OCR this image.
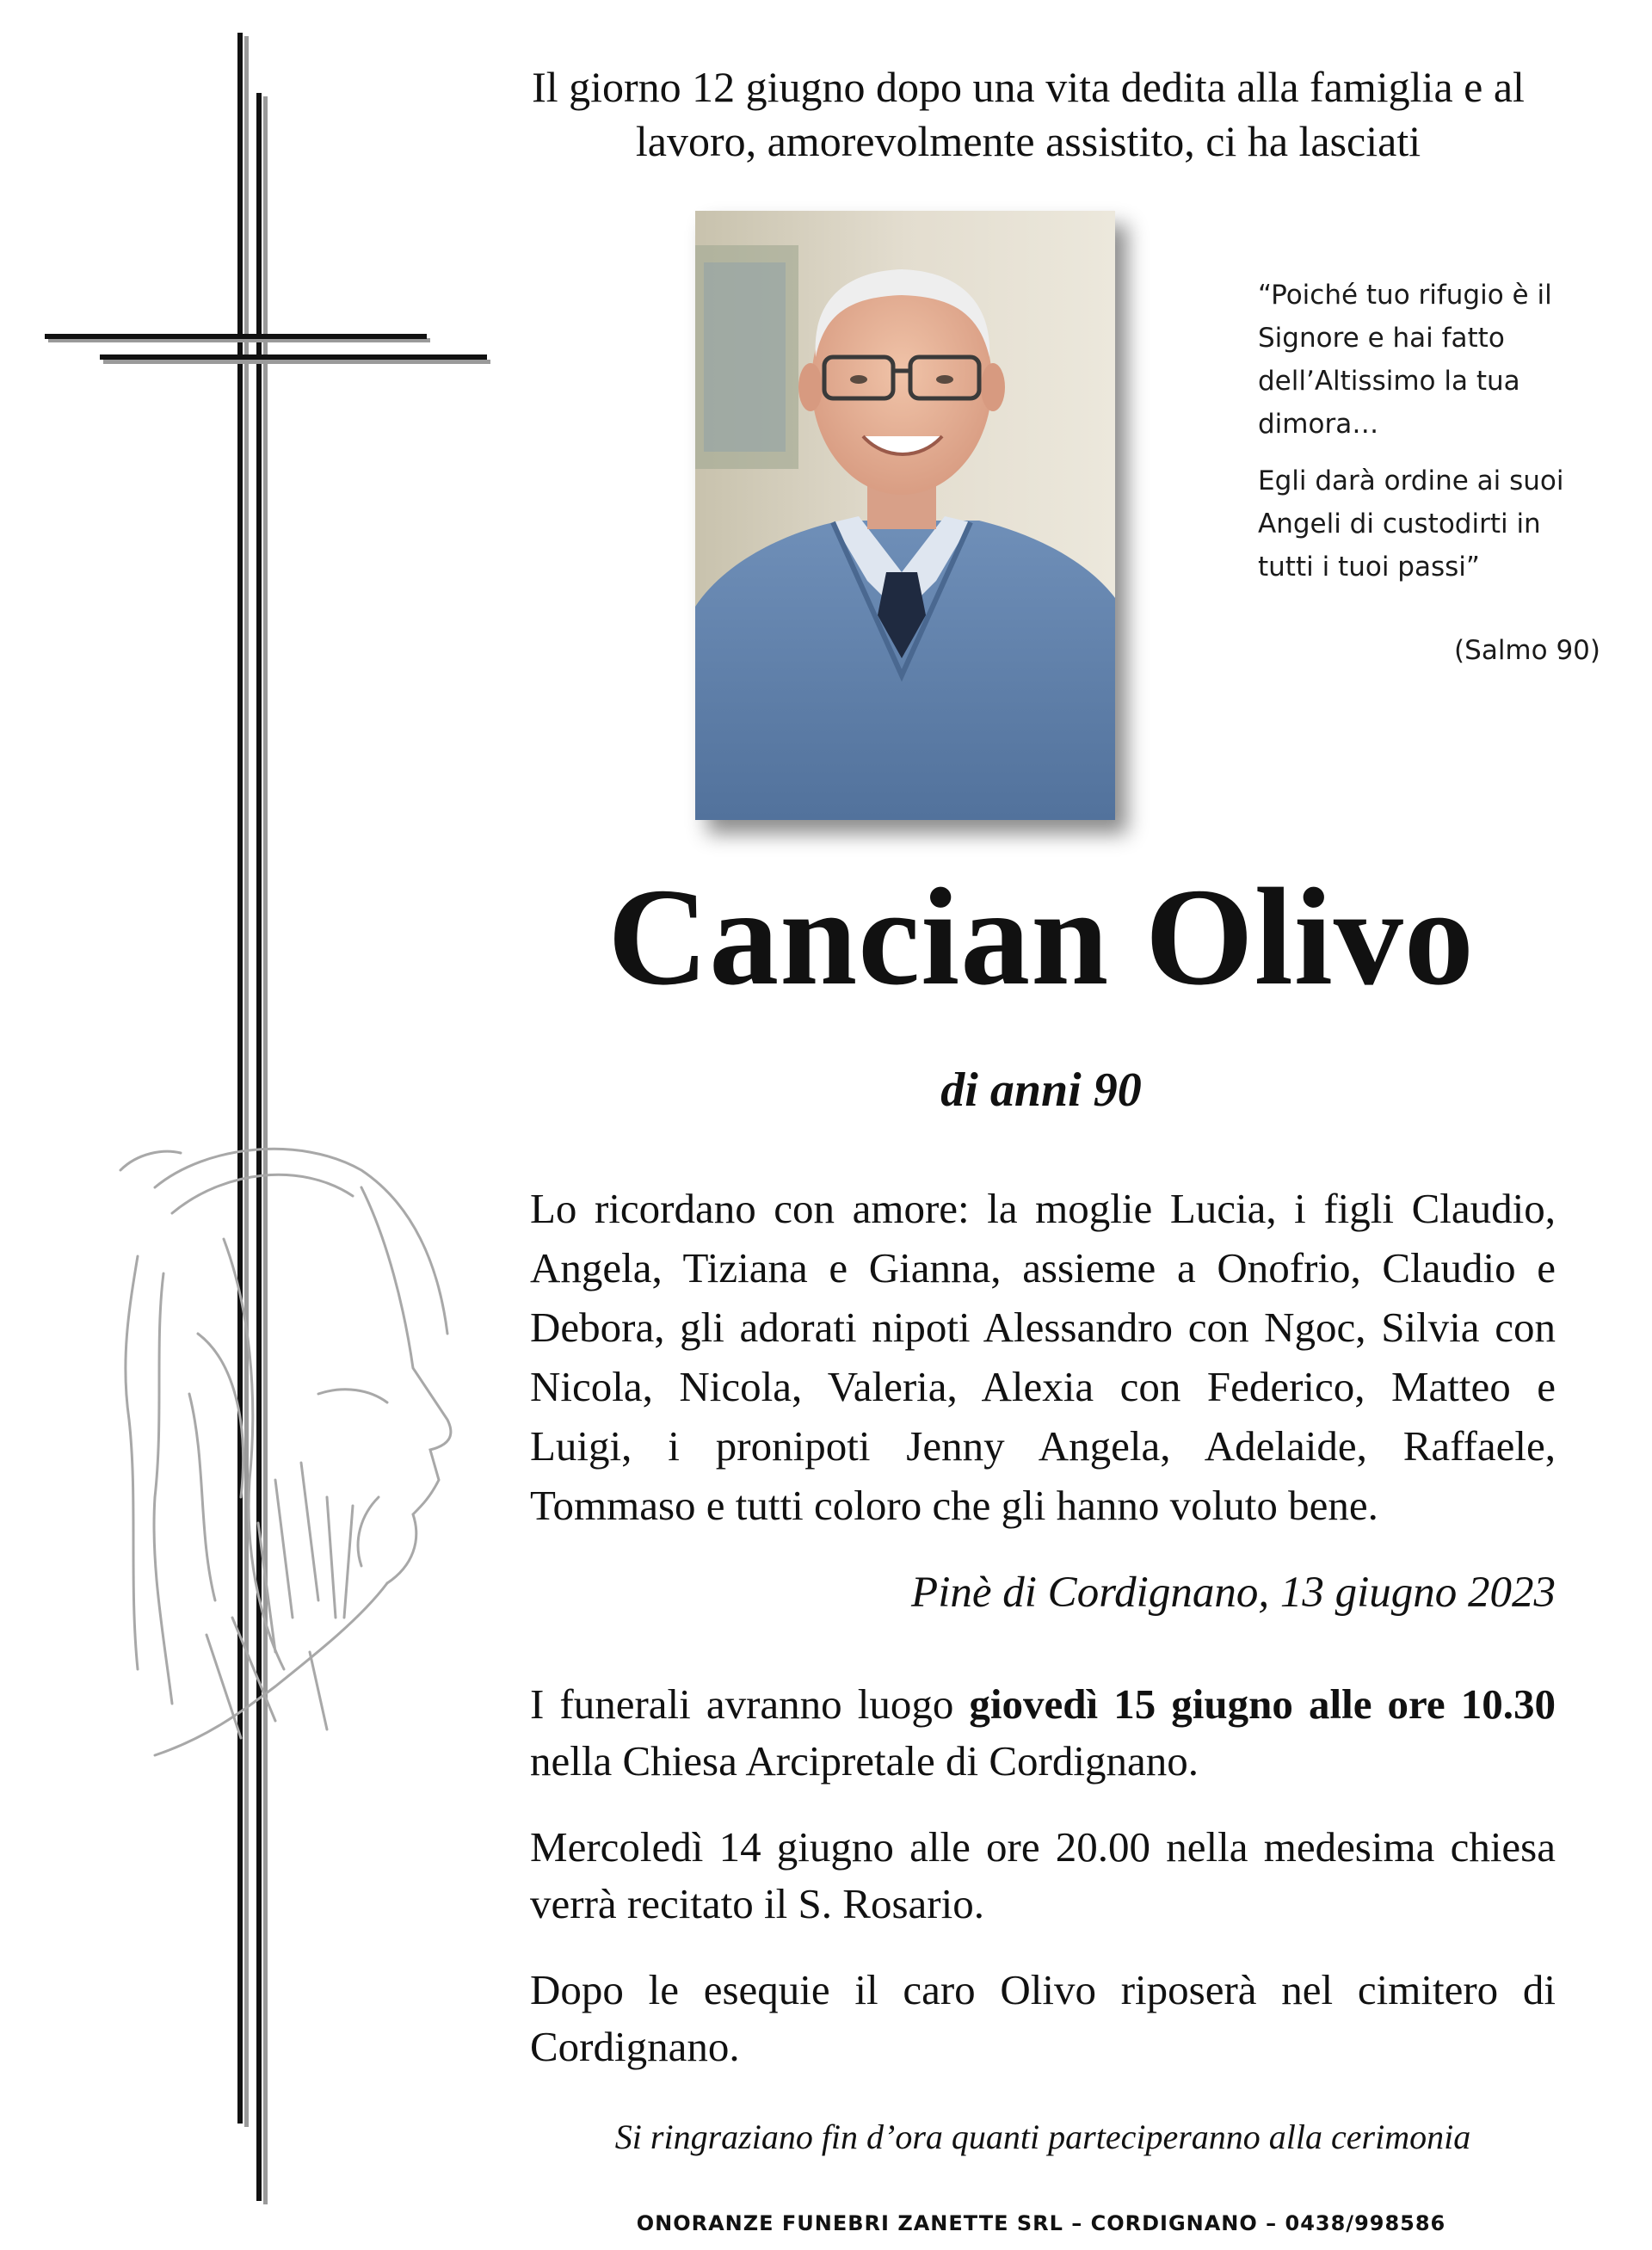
Il giorno 12 giugno dopo una vita dedita alla famiglia e al
lavoro, amorevolmente assistito, ci ha lasciati

“Poiché tuo rifugio è il
Signore e hai fatto
dell’Altissimo la tua
dimora…

Egli darà ordine ai suoi
Angeli di custodirti in
tutti i tuoi passi”

(Salmo 90)
Cancian Olivo
di anni 90
Lo ricordano con amore: la moglie Lucia, i figli Claudio, Angela, Tiziana e Gianna, assieme a Onofrio, Claudio e Debora, gli adorati nipoti Alessandro con Ngoc, Silvia con Nicola, Nicola, Valeria, Alexia con Federico, Matteo e Luigi, i pronipoti Jenny Angela, Adelaide, Raffaele, Tommaso e tutti coloro che gli hanno voluto bene.
Pinè di Cordignano, 13 giugno 2023
I funerali avranno luogo giovedì 15 giugno alle ore 10.30 nella Chiesa Arcipretale di Cordignano.
Mercoledì 14 giugno alle ore 20.00 nella medesima chiesa verrà recitato il S. Rosario.
Dopo le esequie il caro Olivo riposerà nel cimitero di Cordignano.
Si ringraziano fin d’ora quanti parteciperanno alla cerimonia
ONORANZE FUNEBRI ZANETTE SRL – CORDIGNANO – 0438/998586
